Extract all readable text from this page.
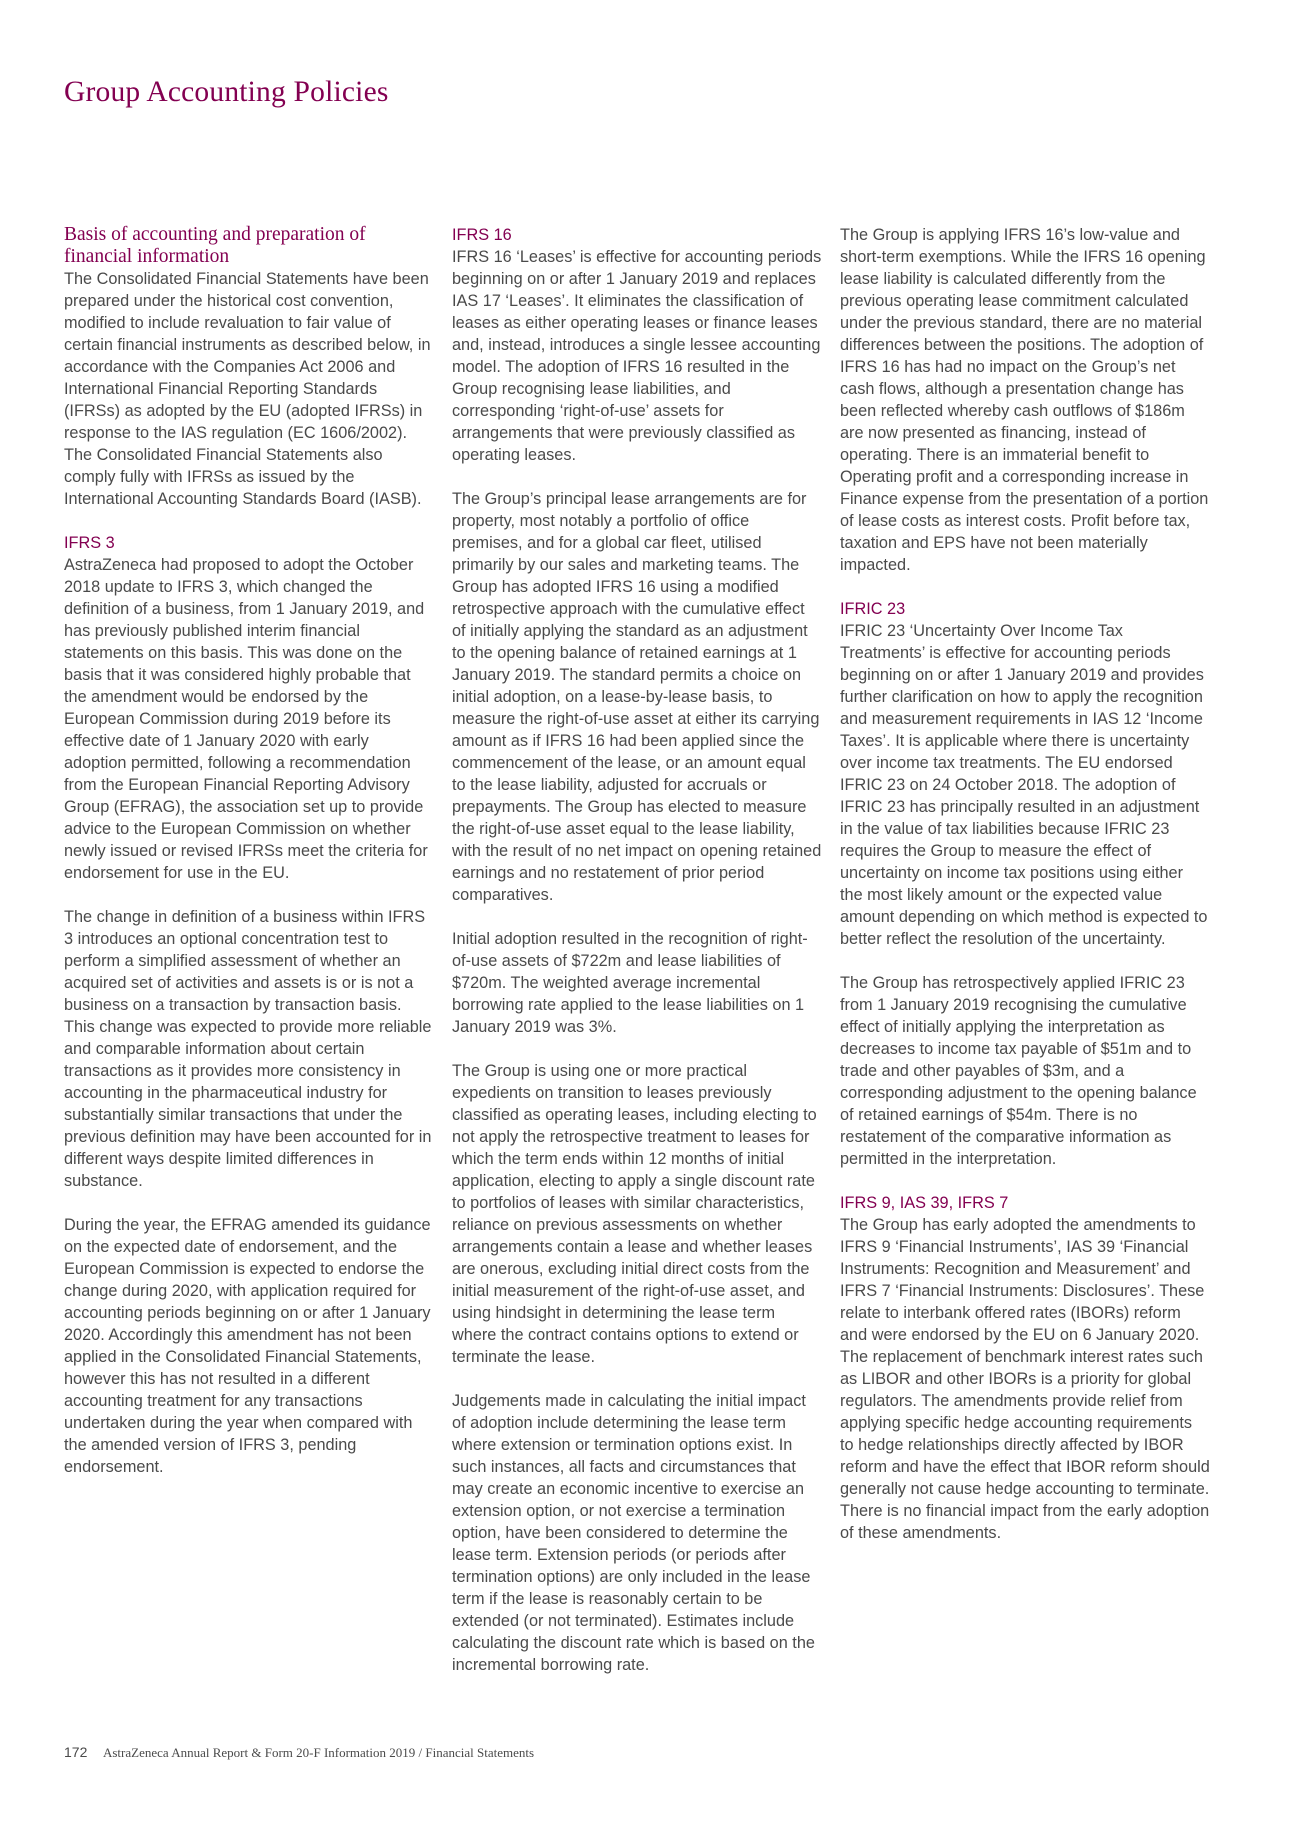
Group Accounting Policies
Basis of accounting and preparation of financial information

The Consolidated Financial Statements have been prepared under the historical cost convention, modified to include revaluation to fair value of certain financial instruments as described below, in accordance with the Companies Act 2006 and International Financial Reporting Standards (IFRSs) as adopted by the EU (adopted IFRSs) in response to the IAS regulation (EC 1606/2002). The Consolidated Financial Statements also comply fully with IFRSs as issued by the International Accounting Standards Board (IASB).

IFRS 3

AstraZeneca had proposed to adopt the October 2018 update to IFRS 3, which changed the definition of a business, from 1 January 2019, and has previously published interim financial statements on this basis. This was done on the basis that it was considered highly probable that the amendment would be endorsed by the European Commission during 2019 before its effective date of 1 January 2020 with early adoption permitted, following a recommendation from the European Financial Reporting Advisory Group (EFRAG), the association set up to provide advice to the European Commission on whether newly issued or revised IFRSs meet the criteria for endorsement for use in the EU.

The change in definition of a business within IFRS 3 introduces an optional concentration test to perform a simplified assessment of whether an acquired set of activities and assets is or is not a business on a transaction by transaction basis. This change was expected to provide more reliable and comparable information about certain transactions as it provides more consistency in accounting in the pharmaceutical industry for substantially similar transactions that under the previous definition may have been accounted for in different ways despite limited differences in substance.

During the year, the EFRAG amended its guidance on the expected date of endorsement, and the European Commission is expected to endorse the change during 2020, with application required for accounting periods beginning on or after 1 January 2020. Accordingly this amendment has not been applied in the Consolidated Financial Statements, however this has not resulted in a different accounting treatment for any transactions undertaken during the year when compared with the amended version of IFRS 3, pending endorsement.

IFRS 16

IFRS 16 ‘Leases’ is effective for accounting periods beginning on or after 1 January 2019 and replaces IAS 17 ‘Leases’. It eliminates the classification of leases as either operating leases or finance leases and, instead, introduces a single lessee accounting model. The adoption of IFRS 16 resulted in the Group recognising lease liabilities, and corresponding ‘right-of-use’ assets for arrangements that were previously classified as operating leases.

The Group’s principal lease arrangements are for property, most notably a portfolio of office premises, and for a global car fleet, utilised primarily by our sales and marketing teams. The Group has adopted IFRS 16 using a modified retrospective approach with the cumulative effect of initially applying the standard as an adjustment to the opening balance of retained earnings at 1 January 2019. The standard permits a choice on initial adoption, on a lease-by-lease basis, to measure the right-of-use asset at either its carrying amount as if IFRS 16 had been applied since the commencement of the lease, or an amount equal to the lease liability, adjusted for accruals or prepayments. The Group has elected to measure the right-of-use asset equal to the lease liability, with the result of no net impact on opening retained earnings and no restatement of prior period comparatives.

Initial adoption resulted in the recognition of right-of-use assets of $722m and lease liabilities of $720m. The weighted average incremental borrowing rate applied to the lease liabilities on 1 January 2019 was 3%.

The Group is using one or more practical expedients on transition to leases previously classified as operating leases, including electing to not apply the retrospective treatment to leases for which the term ends within 12 months of initial application, electing to apply a single discount rate to portfolios of leases with similar characteristics, reliance on previous assessments on whether arrangements contain a lease and whether leases are onerous, excluding initial direct costs from the initial measurement of the right-of-use asset, and using hindsight in determining the lease term where the contract contains options to extend or terminate the lease.

Judgements made in calculating the initial impact of adoption include determining the lease term where extension or termination options exist. In such instances, all facts and circumstances that may create an economic incentive to exercise an extension option, or not exercise a termination option, have been considered to determine the lease term. Extension periods (or periods after termination options) are only included in the lease term if the lease is reasonably certain to be extended (or not terminated). Estimates include calculating the discount rate which is based on the incremental borrowing rate.

The Group is applying IFRS 16’s low-value and short-term exemptions. While the IFRS 16 opening lease liability is calculated differently from the previous operating lease commitment calculated under the previous standard, there are no material differences between the positions. The adoption of IFRS 16 has had no impact on the Group’s net cash flows, although a presentation change has been reflected whereby cash outflows of $186m are now presented as financing, instead of operating. There is an immaterial benefit to Operating profit and a corresponding increase in Finance expense from the presentation of a portion of lease costs as interest costs. Profit before tax, taxation and EPS have not been materially impacted.

IFRIC 23

IFRIC 23 ‘Uncertainty Over Income Tax Treatments’ is effective for accounting periods beginning on or after 1 January 2019 and provides further clarification on how to apply the recognition and measurement requirements in IAS 12 ‘Income Taxes’. It is applicable where there is uncertainty over income tax treatments. The EU endorsed IFRIC 23 on 24 October 2018. The adoption of IFRIC 23 has principally resulted in an adjustment in the value of tax liabilities because IFRIC 23 requires the Group to measure the effect of uncertainty on income tax positions using either the most likely amount or the expected value amount depending on which method is expected to better reflect the resolution of the uncertainty.

The Group has retrospectively applied IFRIC 23 from 1 January 2019 recognising the cumulative effect of initially applying the interpretation as decreases to income tax payable of $51m and to trade and other payables of $3m, and a corresponding adjustment to the opening balance of retained earnings of $54m. There is no restatement of the comparative information as permitted in the interpretation.

IFRS 9, IAS 39, IFRS 7

The Group has early adopted the amendments to IFRS 9 ‘Financial Instruments’, IAS 39 ‘Financial Instruments: Recognition and Measurement’ and IFRS 7 ‘Financial Instruments: Disclosures’. These relate to interbank offered rates (IBORs) reform and were endorsed by the EU on 6 January 2020. The replacement of benchmark interest rates such as LIBOR and other IBORs is a priority for global regulators. The amendments provide relief from applying specific hedge accounting requirements to hedge relationships directly affected by IBOR reform and have the effect that IBOR reform should generally not cause hedge accounting to terminate. There is no financial impact from the early adoption of these amendments.

172 AstraZeneca Annual Report & Form 20-F Information 2019 / Financial Statements
